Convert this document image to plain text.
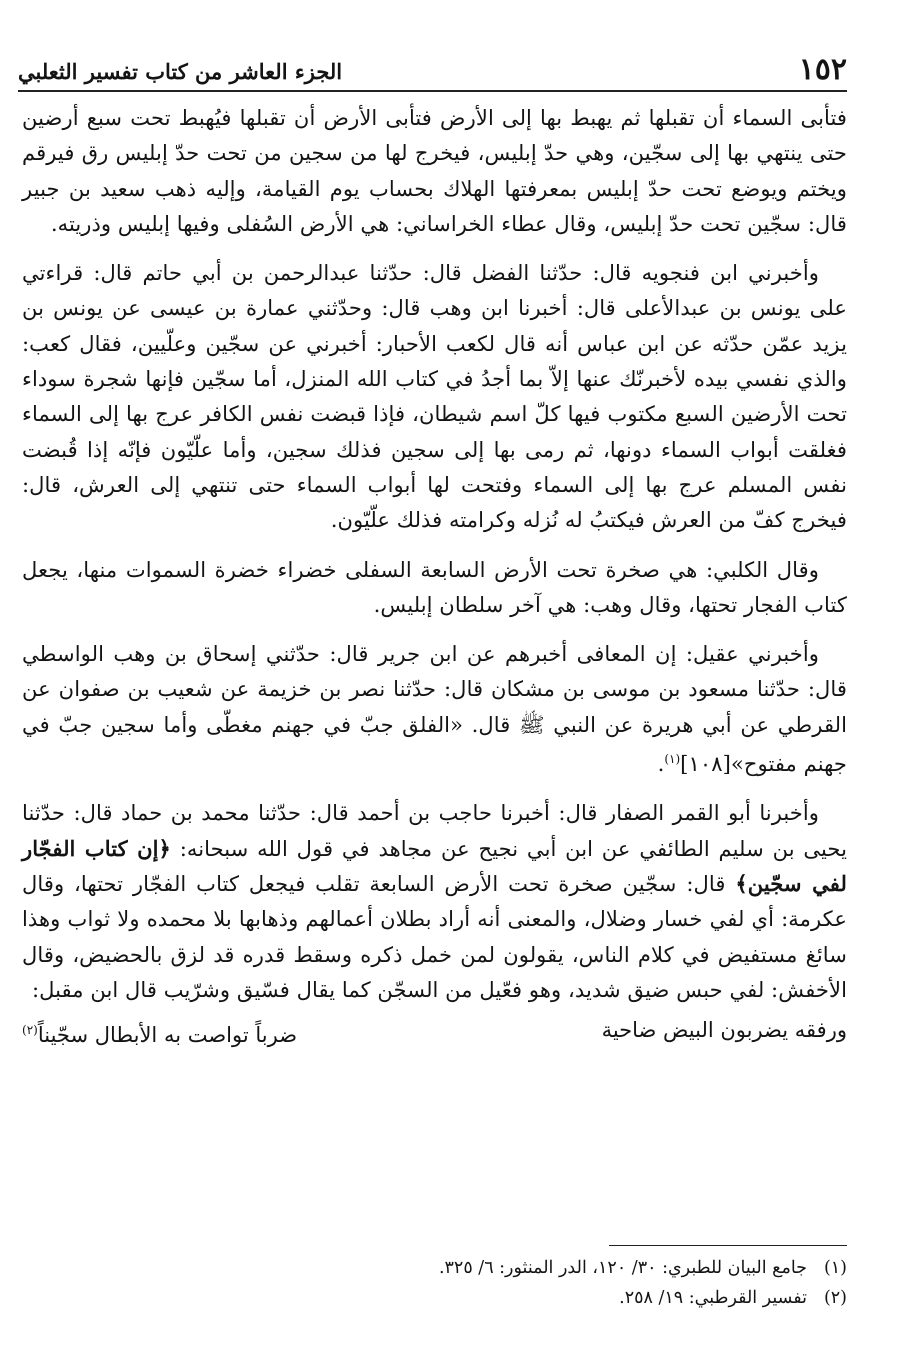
١٥٢
الجزء العاشر من كتاب تفسير الثعلبي

فتأبى السماء أن تقبلها ثم يهبط بها إلى الأرض فتأبى الأرض أن تقبلها فيُهبط تحت سبع أرضين حتى ينتهي بها إلى سجّين، وهي حدّ إبليس، فيخرج لها من سجين من تحت حدّ إبليس رق فيرقم ويختم ويوضع تحت حدّ إبليس بمعرفتها الهلاك بحساب يوم القيامة، وإليه ذهب سعيد بن جبير قال: سجّين تحت حدّ إبليس، وقال عطاء الخراساني: هي الأرض السُفلى وفيها إبليس وذريته.

وأخبرني ابن فنجويه قال: حدّثنا الفضل قال: حدّثنا عبدالرحمن بن أبي حاتم قال: قراءتي على يونس بن عبدالأعلى قال: أخبرنا ابن وهب قال: وحدّثني عمارة بن عيسى عن يونس بن يزيد عمّن حدّثه عن ابن عباس أنه قال لكعب الأحبار: أخبرني عن سجّين وعلّيين، فقال كعب: والذي نفسي بيده لأخبرنّك عنها إلاّ بما أجدُ في كتاب الله المنزل، أما سجّين فإنها شجرة سوداء تحت الأرضين السبع مكتوب فيها كلّ اسم شيطان، فإذا قبضت نفس الكافر عرج بها إلى السماء فغلقت أبواب السماء دونها، ثم رمى بها إلى سجين فذلك سجين، وأما علّيّون فإنّه إذا قُبضت نفس المسلم عرج بها إلى السماء وفتحت لها أبواب السماء حتى تنتهي إلى العرش، قال: فيخرج كفّ من العرش فيكتبُ له نُزله وكرامته فذلك علّيّون.

وقال الكلبي: هي صخرة تحت الأرض السابعة السفلى خضراء خضرة السموات منها، يجعل كتاب الفجار تحتها، وقال وهب: هي آخر سلطان إبليس.

وأخبرني عقيل: إن المعافى أخبرهم عن ابن جرير قال: حدّثني إسحاق بن وهب الواسطي قال: حدّثنا مسعود بن موسى بن مشكان قال: حدّثنا نصر بن خزيمة عن شعيب بن صفوان عن القرطي عن أبي هريرة عن النبي ﷺ قال. «الفلق جبّ في جهنم مغطّى وأما سجين جبّ في جهنم مفتوح»[١٠٨]$^{(١)}$.

وأخبرنا أبو القمر الصفار قال: أخبرنا حاجب بن أحمد قال: حدّثنا محمد بن حماد قال: حدّثنا يحيى بن سليم الطائفي عن ابن أبي نجيح عن مجاهد في قول الله سبحانه: ﴿إن كتاب الفجّار لفي سجّين﴾ قال: سجّين صخرة تحت الأرض السابعة تقلب فيجعل كتاب الفجّار تحتها، وقال عكرمة: أي لفي خسار وضلال، والمعنى أنه أراد بطلان أعمالهم وذهابها بلا محمده ولا ثواب وهذا سائغ مستفيض في كلام الناس، يقولون لمن خمل ذكره وسقط قدره قد لزق بالحضيض، وقال الأخفش: لفي حبس ضيق شديد، وهو فعّيل من السجّن كما يقال فسّيق وشرّيب قال ابن مقبل:

ورفقه يضربون البيض ضاحية
ضرباً تواصت به الأبطال سجّيناً$^{(٢)}$
(١)
جامع البيان للطبري: ٣٠/ ١٢٠، الدر المنثور: ٦/ ٣٢٥.
(٢)
تفسير القرطبي: ١٩/ ٢٥٨.
